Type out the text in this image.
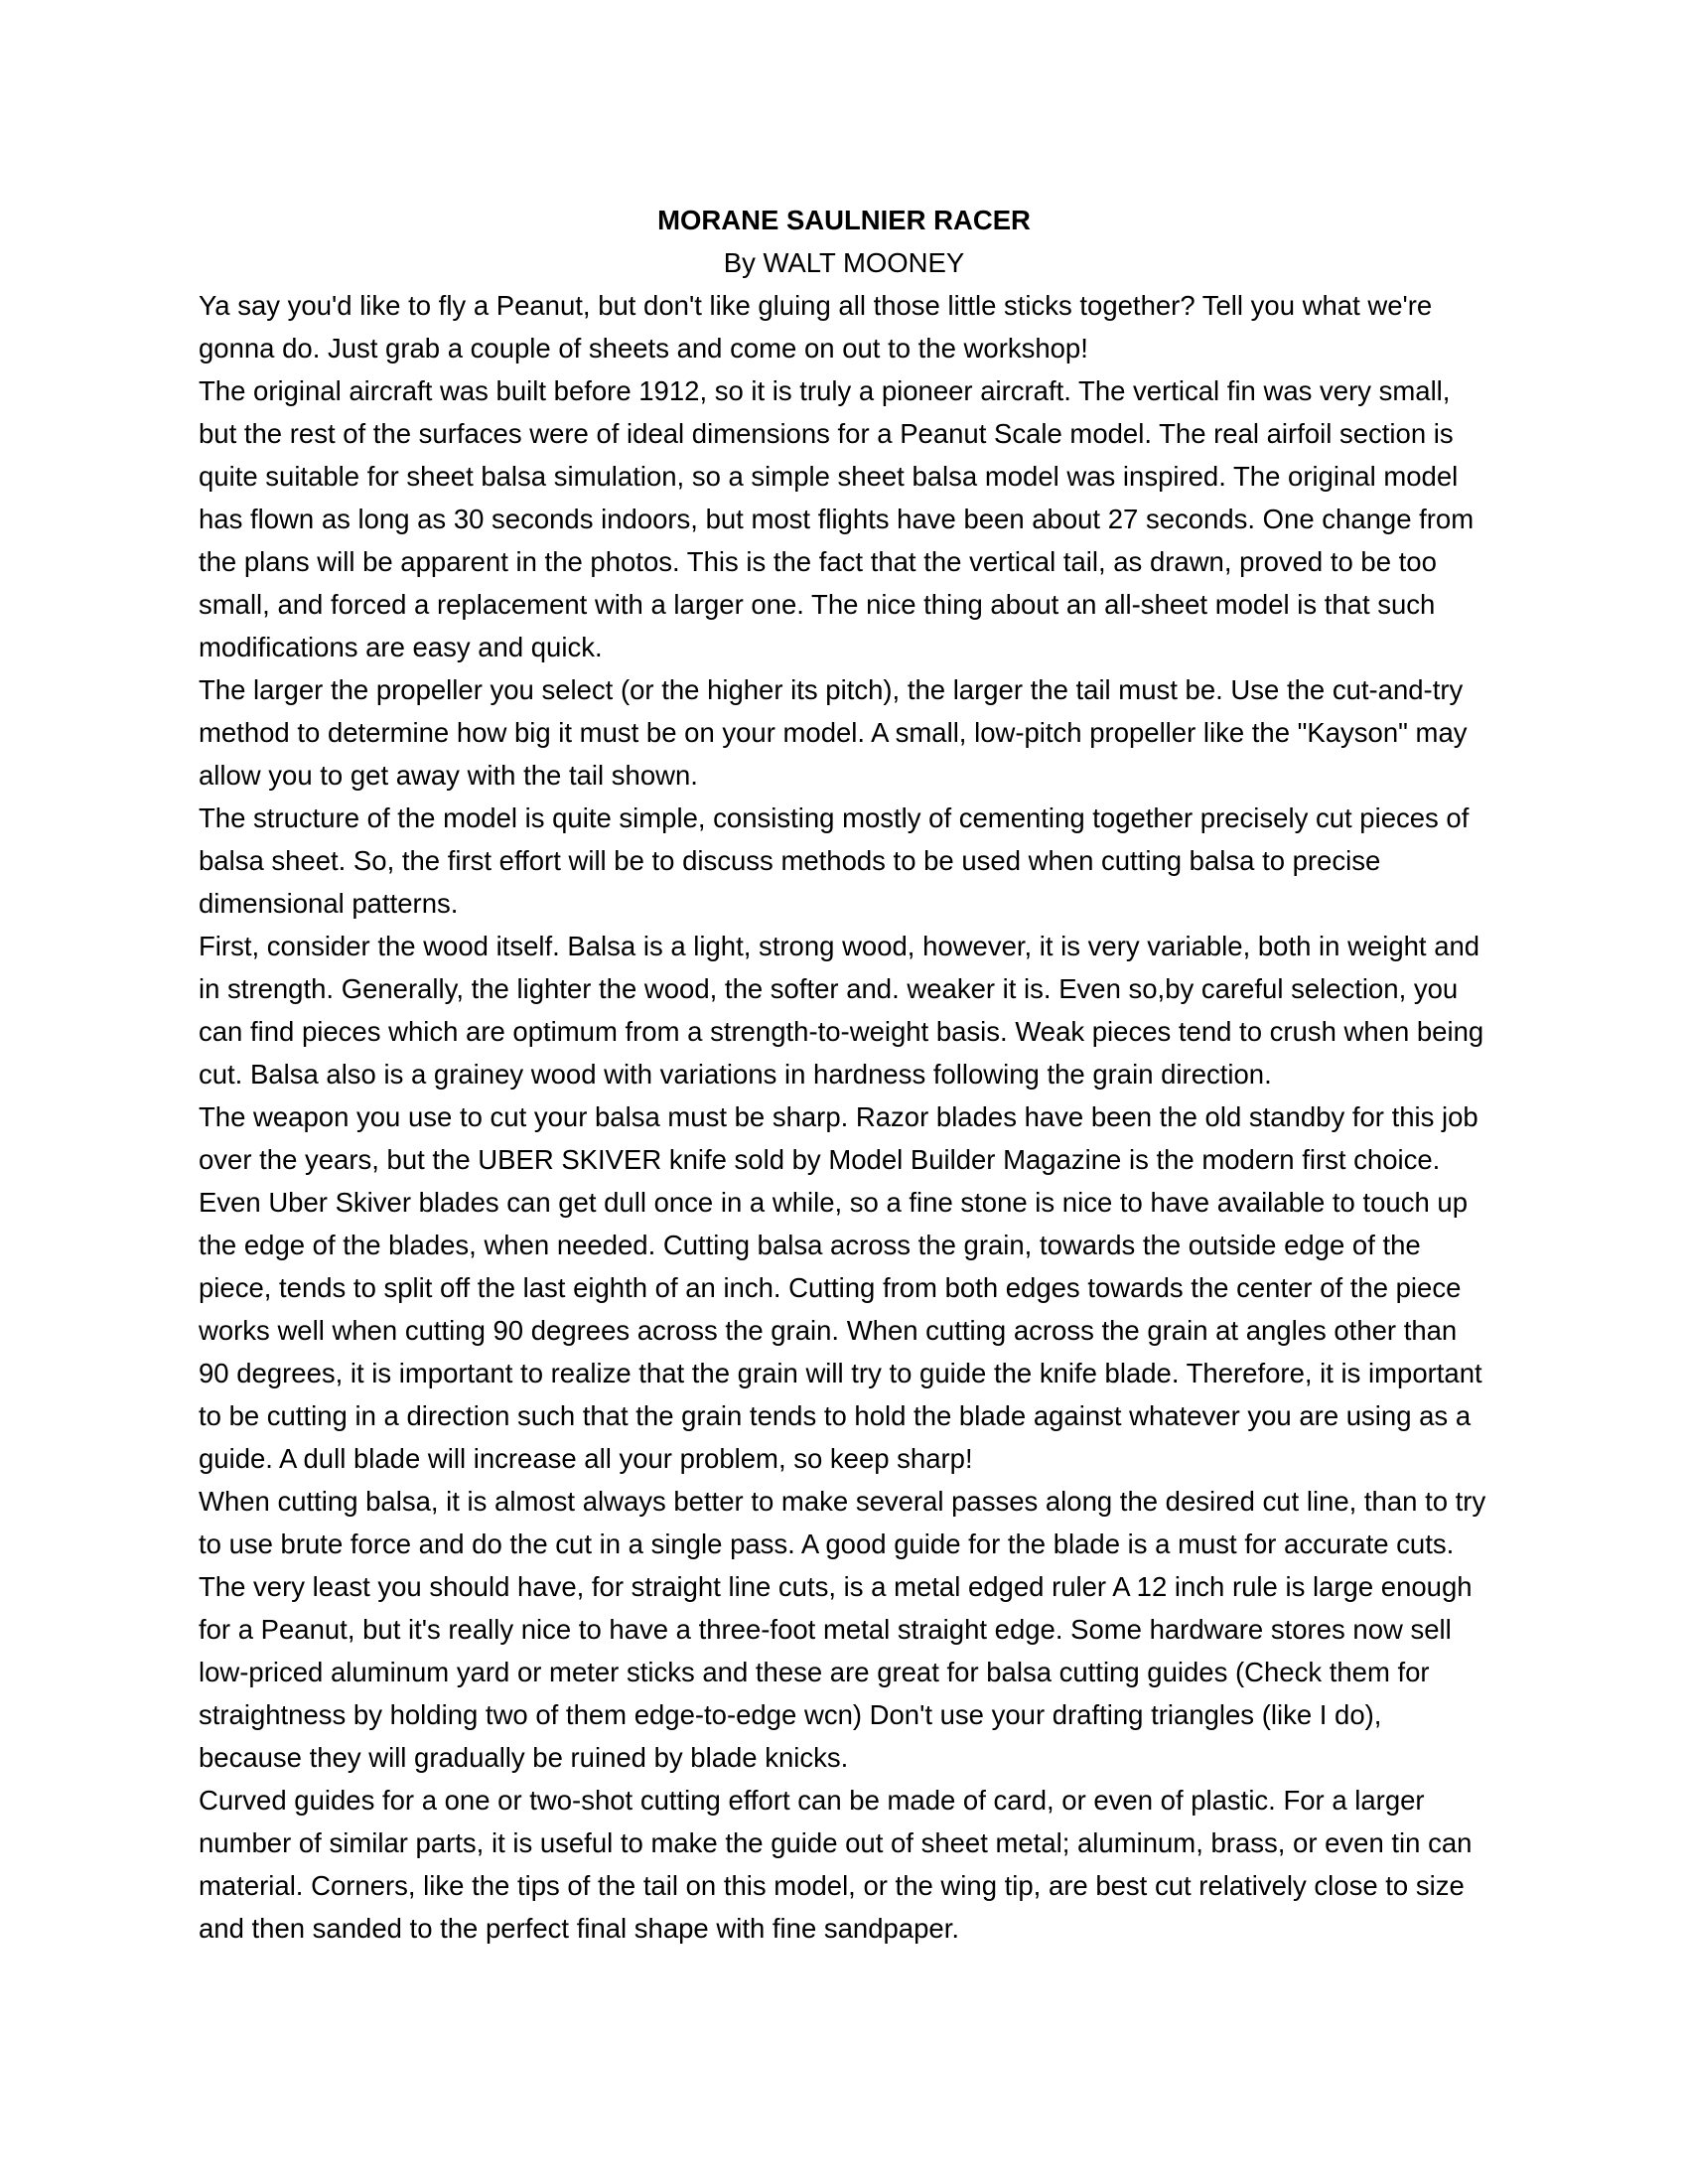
MORANE SAULNIER RACER

By WALT MOONEY

Ya say you'd like to fly a Peanut, but don't like gluing all those little sticks together? Tell you what we're gonna do. Just grab a couple of sheets and come on out to the workshop!

The original aircraft was built before 1912, so it is truly a pioneer aircraft. The vertical fin was very small, but the rest of the surfaces were of ideal dimensions for a Peanut Scale model. The real airfoil section is quite suitable for sheet balsa simulation, so a simple sheet balsa model was inspired. The original model has flown as long as 30 seconds indoors, but most flights have been about 27 seconds. One change from the plans will be apparent in the photos. This is the fact that the vertical tail, as drawn, proved to be too small, and forced a replacement with a larger one. The nice thing about an all-sheet model is that such modifications are easy and quick.

The larger the propeller you select (or the higher its pitch), the larger the tail must be. Use the cut-and-try method to determine how big it must be on your model. A small, low-pitch propeller like the "Kayson" may allow you to get away with the tail shown.

The structure of the model is quite simple, consisting mostly of cementing together precisely cut pieces of balsa sheet. So, the first effort will be to discuss methods to be used when cutting balsa to precise dimensional patterns.

First, consider the wood itself. Balsa is a light, strong wood, however, it is very variable, both in weight and in strength. Generally, the lighter the wood, the softer and. weaker it is. Even so,by careful selection, you can find pieces which are optimum from a strength-to-weight basis. Weak pieces tend to crush when being cut. Balsa also is a grainey wood with variations in hardness following the grain direction.

The weapon you use to cut your balsa must be sharp. Razor blades have been the old standby for this job over the years, but the UBER SKIVER knife sold by Model Builder Magazine is the modern first choice. Even Uber Skiver blades can get dull once in a while, so a fine stone is nice to have available to touch up the edge of the blades, when needed. Cutting balsa across the grain, towards the outside edge of the piece, tends to split off the last eighth of an inch. Cutting from both edges towards the center of the piece works well when cutting 90 degrees across the grain. When cutting across the grain at angles other than 90 degrees, it is important to realize that the grain will try to guide the knife blade. Therefore, it is important to be cutting in a direction such that the grain tends to hold the blade against whatever you are using as a guide. A dull blade will increase all your problem, so keep sharp!

When cutting balsa, it is almost always better to make several passes along the desired cut line, than to try to use brute force and do the cut in a single pass. A good guide for the blade is a must for accurate cuts. The very least you should have, for straight line cuts, is a metal edged ruler A 12 inch rule is large enough for a Peanut, but it's really nice to have a three-foot metal straight edge. Some hardware stores now sell low-priced aluminum yard or meter sticks and these are great for balsa cutting guides (Check them for straightness by holding two of them edge-to-edge wcn) Don't use your drafting triangles (like I do), because they will gradually be ruined by blade knicks.

Curved guides for a one or two-shot cutting effort can be made of card, or even of plastic. For a larger number of similar parts, it is useful to make the guide out of sheet metal; aluminum, brass, or even tin can material. Corners, like the tips of the tail on this model, or the wing tip, are best cut relatively close to size and then sanded to the perfect final shape with fine sandpaper.
